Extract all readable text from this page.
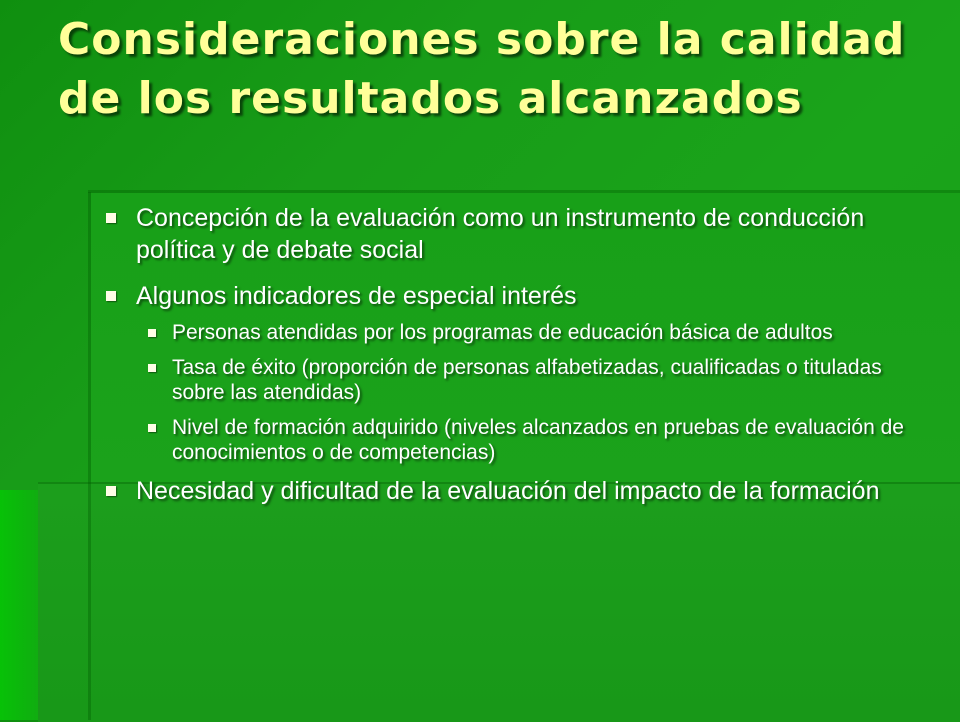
Consideraciones sobre la calidad de los resultados alcanzados
Concepción de la evaluación como un instrumento de conducción política y de debate social
Algunos indicadores de especial interés
Personas atendidas por los programas de educación básica de adultos
Tasa de éxito (proporción de personas alfabetizadas, cualificadas o tituladas sobre las atendidas)
Nivel de formación adquirido (niveles alcanzados en pruebas de evaluación de conocimientos o de competencias)
Necesidad y dificultad de la evaluación del impacto de la formación
